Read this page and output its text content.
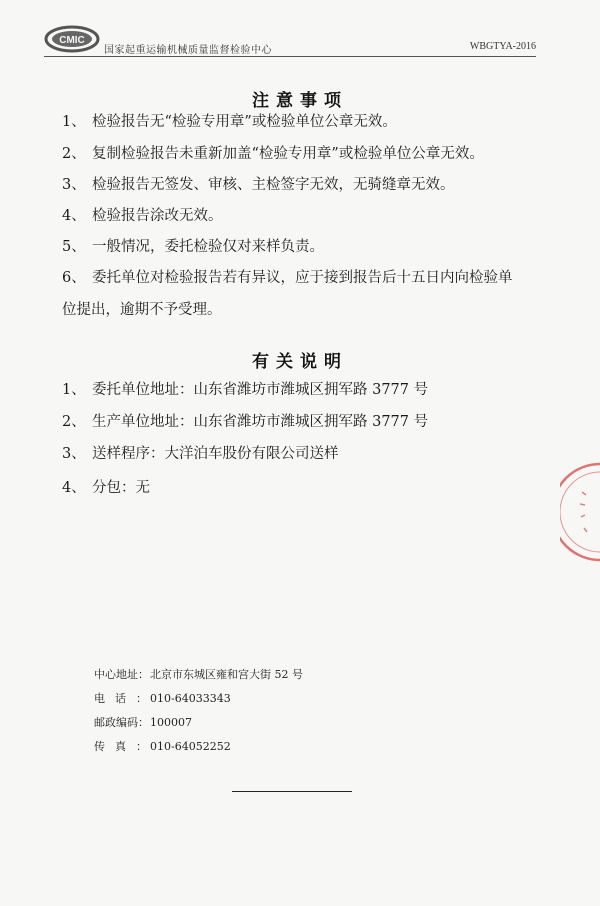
CMIC
国家起重运输机械质量监督检验中心	WBGTYA-2016
注意事项
1、 检验报告无“检验专用章”或检验单位公章无效。
2、 复制检验报告未重新加盖“检验专用章”或检验单位公章无效。
3、 检验报告无签发、审核、主检签字无效，无骑缝章无效。
4、 检验报告涂改无效。
5、 一般情况，委托检验仅对来样负责。
6、 委托单位对检验报告若有异议，应于接到报告后十五日内向检验单
位提出，逾期不予受理。
有关说明
1、 委托单位地址：山东省潍坊市潍城区拥军路 3777 号
2、 生产单位地址：山东省潍坊市潍城区拥军路 3777 号
3、 送样程序：大洋泊车股份有限公司送样
4、 分包：无
中心地址：北京市东城区雍和宫大街 52 号
电话：010-64033343
邮政编码：100007
传真：010-64052252
